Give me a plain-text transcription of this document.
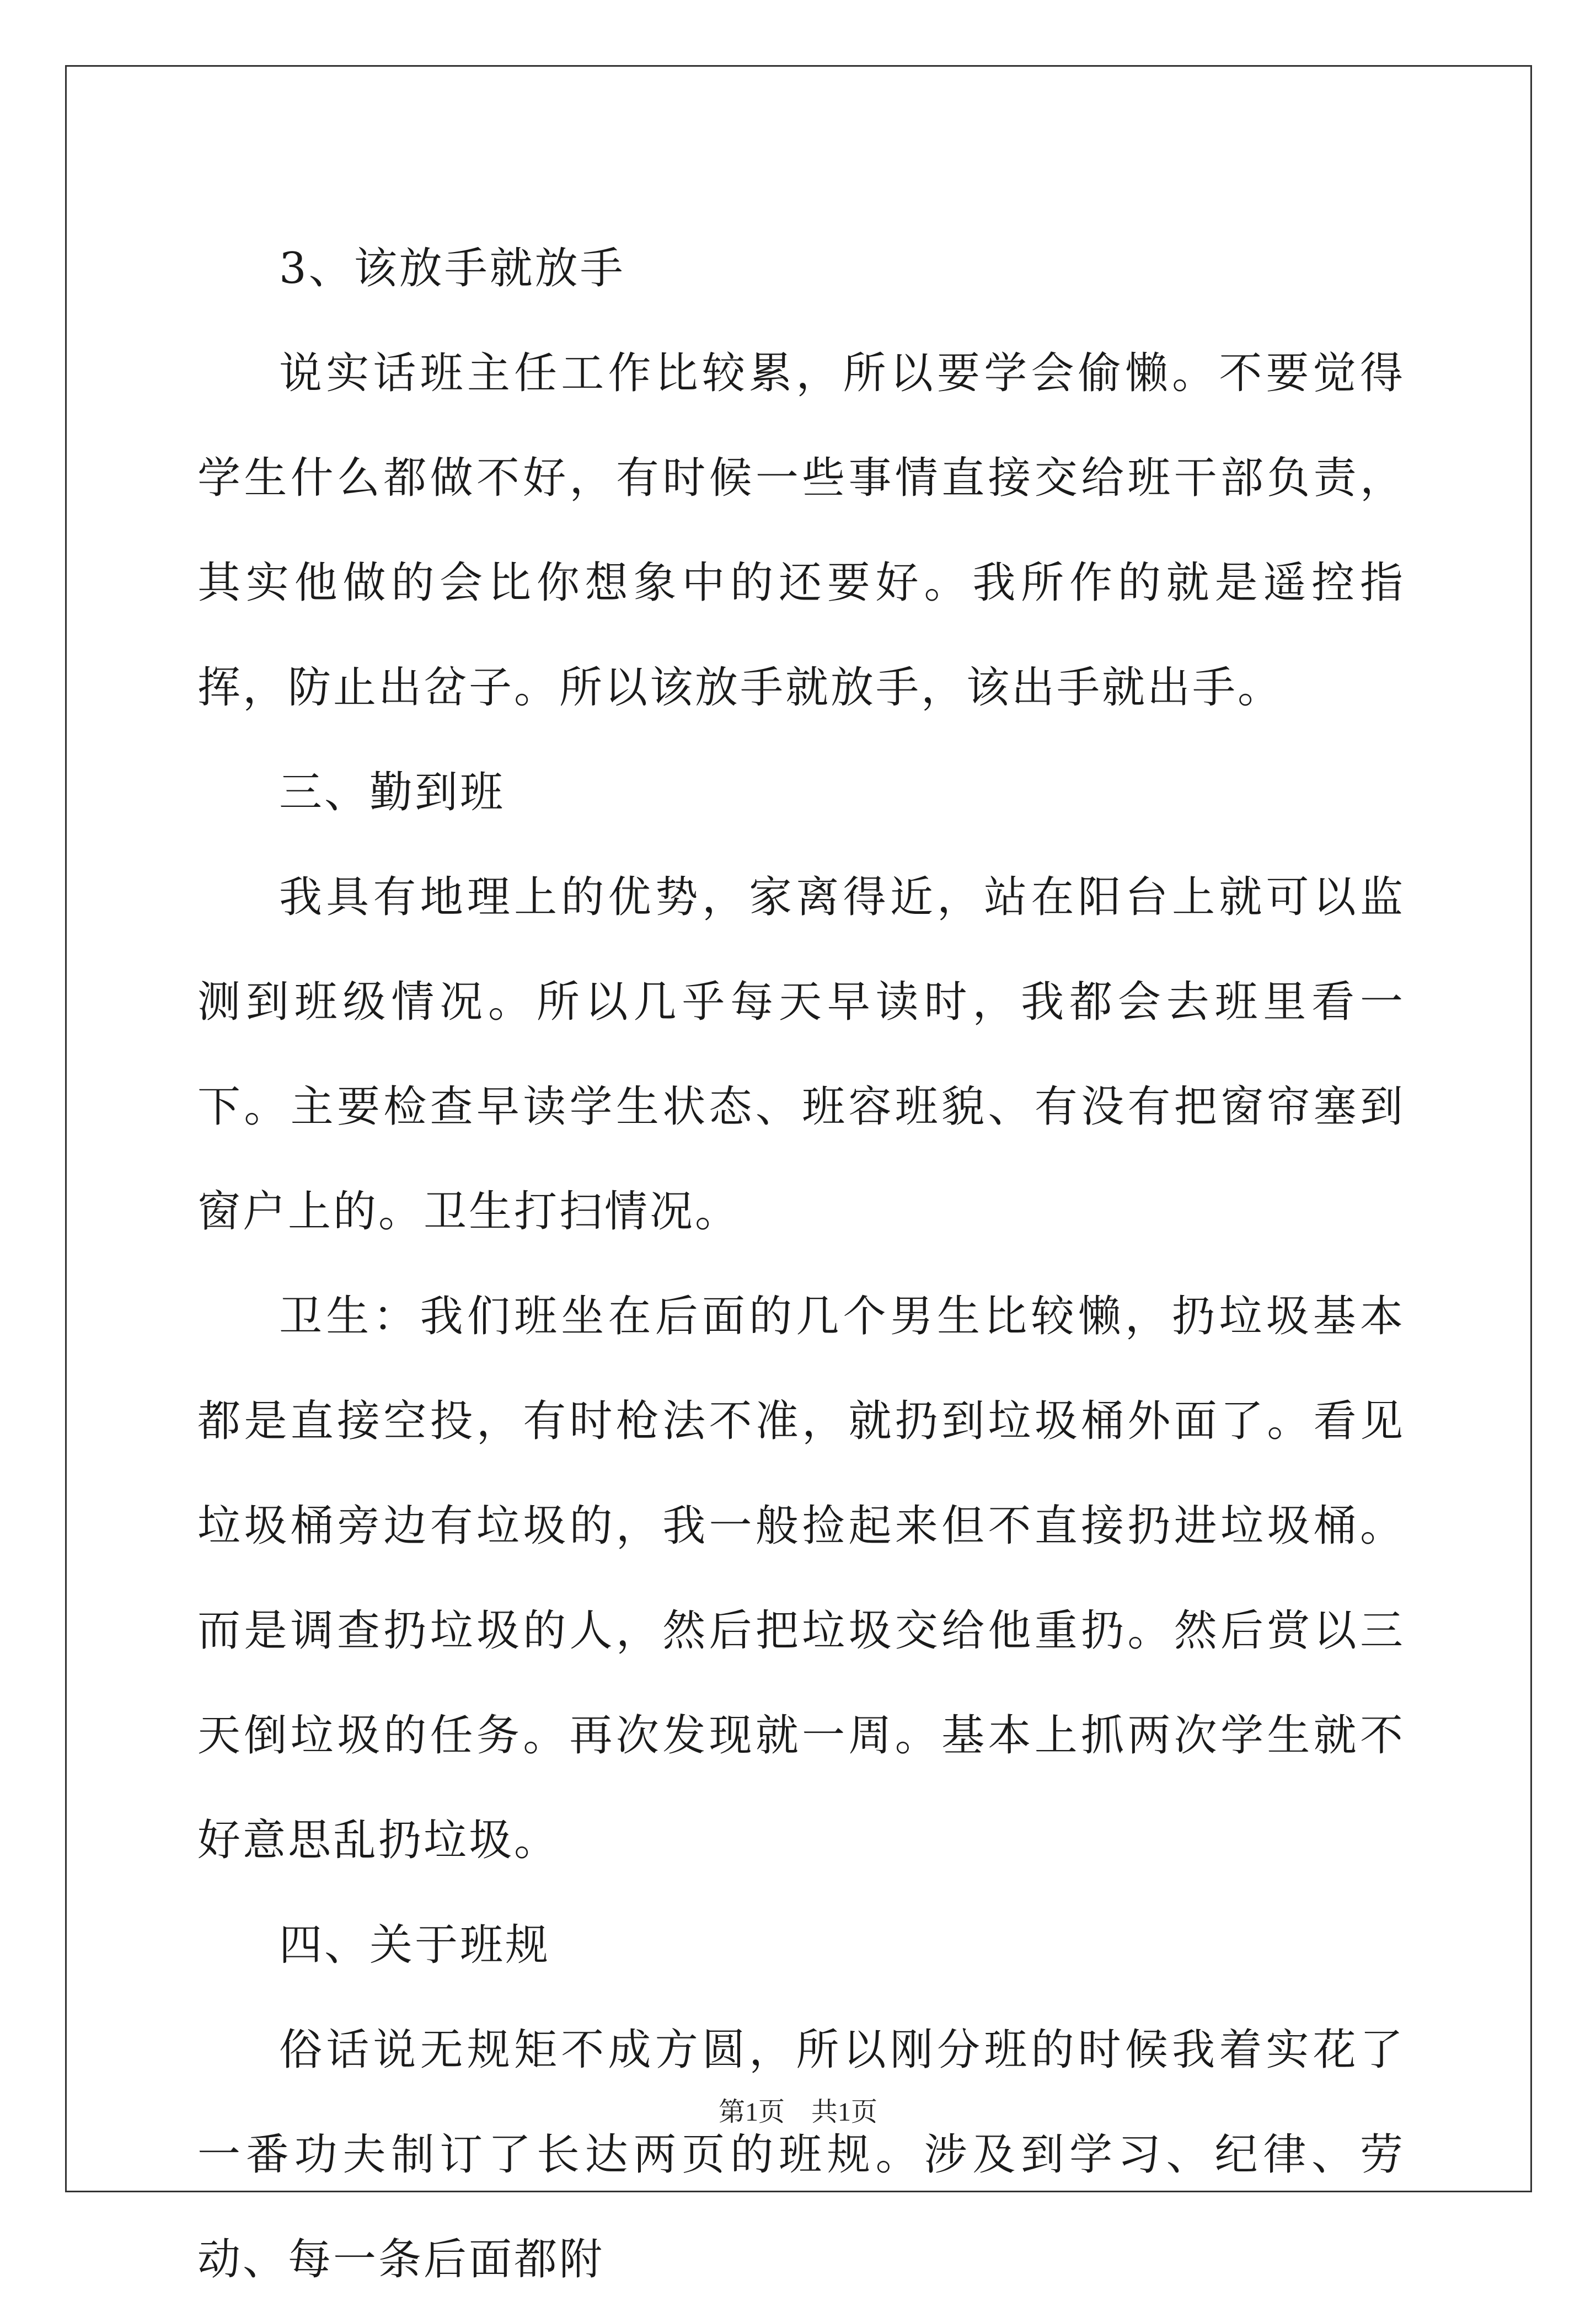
3、该放手就放手

说实话班主任工作比较累，所以要学会偷懒。不要觉得学生什么都做不好，有时候一些事情直接交给班干部负责，其实他做的会比你想象中的还要好。我所作的就是遥控指挥，防止出岔子。所以该放手就放手，该出手就出手。

三、勤到班

我具有地理上的优势，家离得近，站在阳台上就可以监测到班级情况。所以几乎每天早读时，我都会去班里看一下。主要检查早读学生状态、班容班貌、有没有把窗帘塞到窗户上的。卫生打扫情况。

卫生：我们班坐在后面的几个男生比较懒，扔垃圾基本都是直接空投，有时枪法不准，就扔到垃圾桶外面了。看见垃圾桶旁边有垃圾的，我一般捡起来但不直接扔进垃圾桶。而是调查扔垃圾的人，然后把垃圾交给他重扔。然后赏以三天倒垃圾的任务。再次发现就一周。基本上抓两次学生就不好意思乱扔垃圾。

四、关于班规

俗话说无规矩不成方圆，所以刚分班的时候我着实花了一番功夫制订了长达两页的班规。涉及到学习、纪律、劳动、每一条后面都附

第1页　共1页
